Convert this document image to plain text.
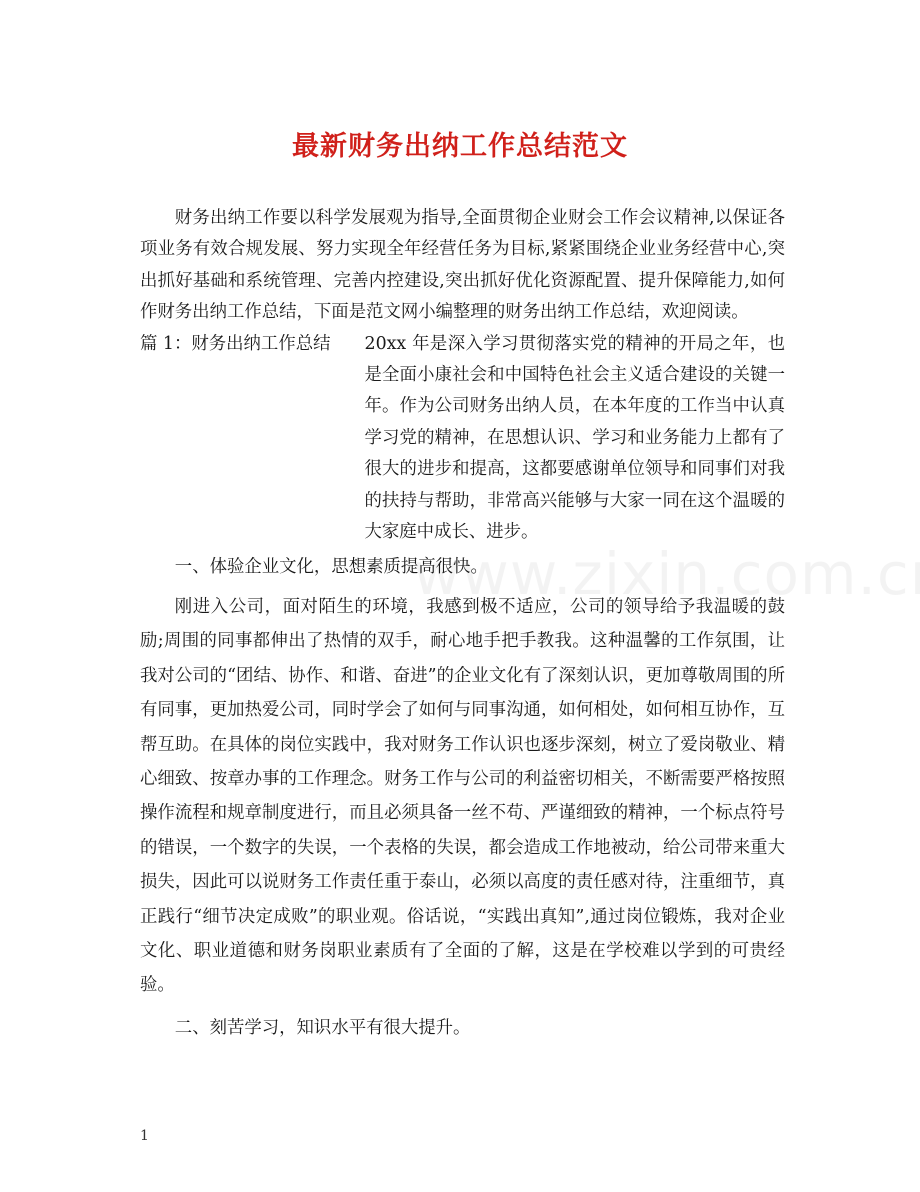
最新财务出纳工作总结范文

财务出纳工作要以科学发展观为指导,全面贯彻企业财会工作会议精神,以保证各项业务有效合规发展、努力实现全年经营任务为目标,紧紧围绕企业业务经营中心,突出抓好基础和系统管理、完善内控建设,突出抓好优化资源配置、提升保障能力,如何作财务出纳工作总结，下面是范文网小编整理的财务出纳工作总结，欢迎阅读。

篇 1：财务出纳工作总结	20xx 年是深入学习贯彻落实党的精神的开局之年，也是全面小康社会和中国特色社会主义适合建设的关键一年。作为公司财务出纳人员，在本年度的工作当中认真学习党的精神，在思想认识、学习和业务能力上都有了很大的进步和提高，这都要感谢单位领导和同事们对我的扶持与帮助，非常高兴能够与大家一同在这个温暖的大家庭中成长、进步。

一、体验企业文化，思想素质提高很快。

刚进入公司，面对陌生的环境，我感到极不适应，公司的领导给予我温暖的鼓励;周围的同事都伸出了热情的双手，耐心地手把手教我。这种温馨的工作氛围，让我对公司的“团结、协作、和谐、奋进”的企业文化有了深刻认识，更加尊敬周围的所有同事，更加热爱公司，同时学会了如何与同事沟通，如何相处，如何相互协作，互帮互助。在具体的岗位实践中，我对财务工作认识也逐步深刻，树立了爱岗敬业、精心细致、按章办事的工作理念。财务工作与公司的利益密切相关，不断需要严格按照操作流程和规章制度进行，而且必须具备一丝不苟、严谨细致的精神，一个标点符号的错误，一个数字的失误，一个表格的失误，都会造成工作地被动，给公司带来重大损失，因此可以说财务工作责任重于泰山，必须以高度的责任感对待，注重细节，真正践行“细节决定成败”的职业观。俗话说，“实践出真知”,通过岗位锻炼，我对企业文化、职业道德和财务岗职业素质有了全面的了解，这是在学校难以学到的可贵经验。

二、刻苦学习，知识水平有很大提升。

1
